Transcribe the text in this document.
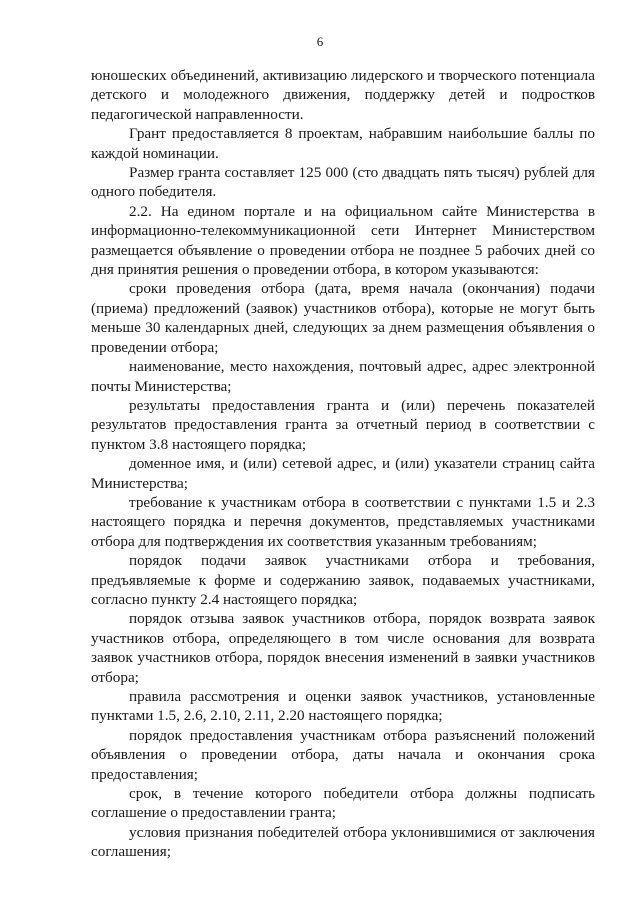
6

юношеских объединений, активизацию лидерского и творческого потенциала детского и молодежного движения, поддержку детей и подростков педагогической направленности.

Грант предоставляется 8 проектам, набравшим наибольшие баллы по каждой номинации.

Размер гранта составляет 125 000 (сто двадцать пять тысяч) рублей для одного победителя.

2.2. На едином портале и на официальном сайте Министерства в информационно-телекоммуникационной сети Интернет Министерством размещается объявление о проведении отбора не позднее 5 рабочих дней со дня принятия решения о проведении отбора, в котором указываются:

сроки проведения отбора (дата, время начала (окончания) подачи (приема) предложений (заявок) участников отбора), которые не могут быть меньше 30 календарных дней, следующих за днем размещения объявления о проведении отбора;

наименование, место нахождения, почтовый адрес, адрес электронной почты Министерства;

результаты предоставления гранта и (или) перечень показателей результатов предоставления гранта за отчетный период в соответствии с пунктом 3.8 настоящего порядка;

доменное имя, и (или) сетевой адрес, и (или) указатели страниц сайта Министерства;

требование к участникам отбора в соответствии с пунктами 1.5 и 2.3 настоящего порядка и перечня документов, представляемых участниками отбора для подтверждения их соответствия указанным требованиям;

порядок подачи заявок участниками отбора и требования, предъявляемые к форме и содержанию заявок, подаваемых участниками, согласно пункту 2.4 настоящего порядка;

порядок отзыва заявок участников отбора, порядок возврата заявок участников отбора, определяющего в том числе основания для возврата заявок участников отбора, порядок внесения изменений в заявки участников отбора;

правила рассмотрения и оценки заявок участников, установленные пунктами 1.5, 2.6, 2.10, 2.11, 2.20 настоящего порядка;

порядок предоставления участникам отбора разъяснений положений объявления о проведении отбора, даты начала и окончания срока предоставления;

срок, в течение которого победители отбора должны подписать соглашение о предоставлении гранта;

условия признания победителей отбора уклонившимися от заключения соглашения;
